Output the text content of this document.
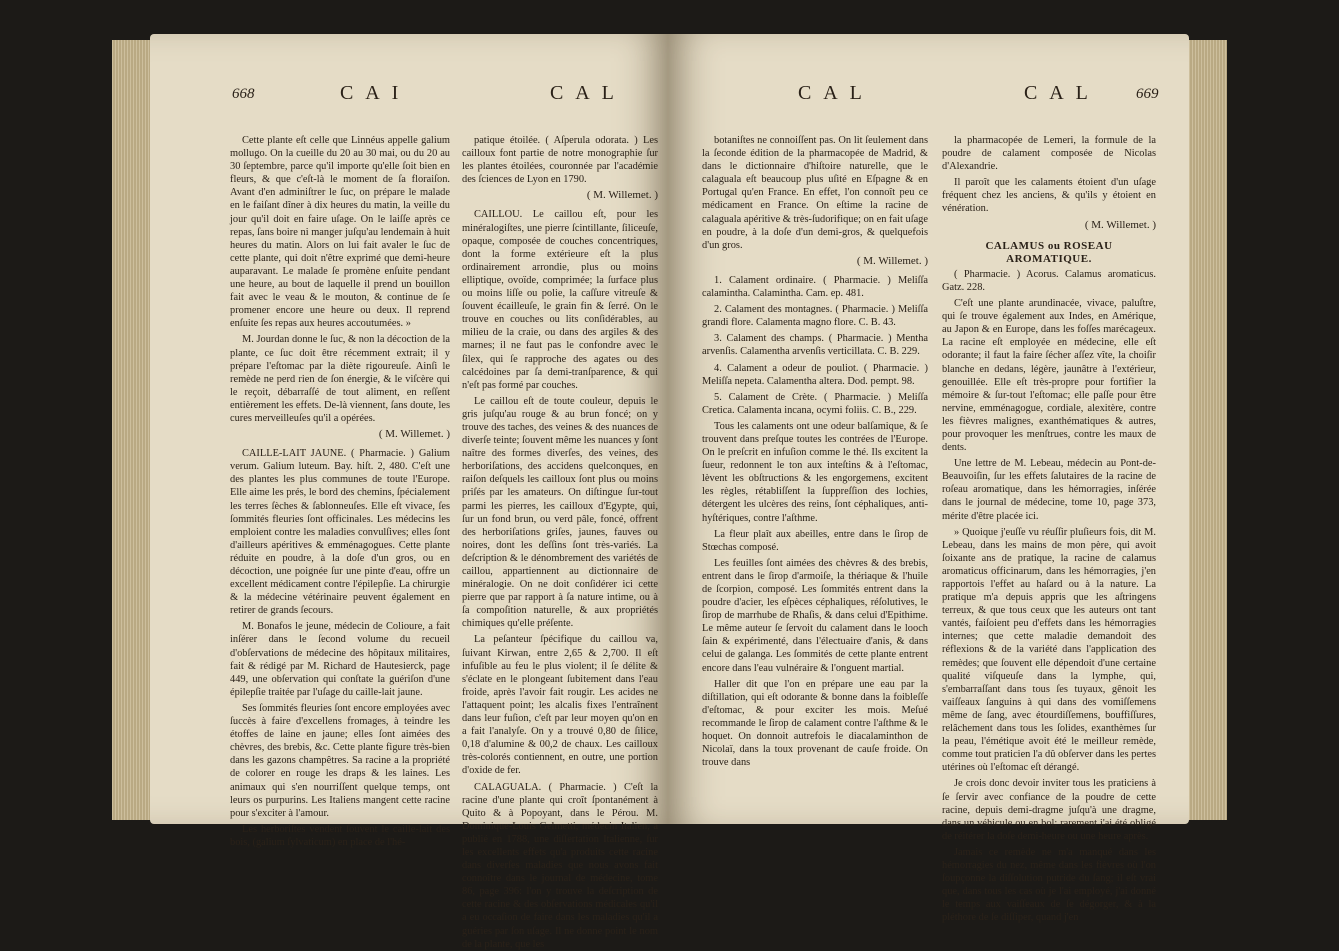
668	C A I	C A L

Cette plante eſt celle que Linnéus appelle galium mollugo. On la cueille du 20 au 30 mai, ou du 20 au 30 ſeptembre, parce qu'il importe qu'elle ſoit bien en fleurs, & que c'eſt-là le moment de ſa floraiſon. Avant d'en adminiſtrer le ſuc, on prépare le malade en le faiſant dîner à dix heures du matin, la veille du jour qu'il doit en faire uſage. On le laiſſe après ce repas, ſans boire ni manger juſqu'au lendemain à huit heures du matin. Alors on lui fait avaler le ſuc de cette plante, qui doit n'être exprimé que demi-heure auparavant. Le malade ſe promène enſuite pendant une heure, au bout de laquelle il prend un bouillon fait avec le veau & le mouton, & continue de ſe promener encore une heure ou deux. Il reprend enſuite ſes repas aux heures accoutumées. »

M. Jourdan donne le ſuc, & non la décoction de la plante, ce ſuc doit être récemment extrait; il y prépare l'eſtomac par la diète rigoureuſe. Ainſi le remède ne perd rien de ſon énergie, & le viſcère qui le reçoit, débarraſſé de tout aliment, en reſſent entièrement les effets. De-là viennent, ſans doute, les cures merveilleuſes qu'il a opérées.

( M. Willemet. )

CAILLE-LAIT JAUNE. ( Pharmacie. ) Galium verum. Galium luteum. Bay. hiſt. 2, 480. C'eſt une des plantes les plus communes de toute l'Europe. Elle aime les prés, le bord des chemins, ſpécialement les terres ſèches & ſablonneuſes. Elle eſt vivace, ſes ſommités fleuries ſont officinales. Les médecins les emploient contre les maladies convulſives; elles ſont d'ailleurs apéritives & emménagogues. Cette plante réduite en poudre, à la doſe d'un gros, ou en décoction, une poignée ſur une pinte d'eau, offre un excellent médicament contre l'épilepſie. La chirurgie & la médecine vétérinaire peuvent également en retirer de grands ſecours.

M. Bonafos le jeune, médecin de Colioure, a fait inſérer dans le ſecond volume du recueil d'obſervations de médecine des hôpitaux militaires, fait & rédigé par M. Richard de Hautesierck, page 449, une obſervation qui conſtate la guériſon d'une épilepſie traitée par l'uſage du caille-lait jaune.

Ses ſommités fleuries ſont encore employées avec ſuccès à faire d'excellens fromages, à teindre les étoffes de laine en jaune; elles ſont aimées des chèvres, des brebis, &c. Cette plante figure très-bien dans les gazons champêtres. Sa racine a la propriété de colorer en rouge les draps & les laines. Les animaux qui s'en nourriſſent quelque temps, ont leurs os purpurins. Les Italiens mangent cette racine pour s'exciter à l'amour.

Les herboriſtes vendent ſouvent le caille-lait des bois, (galium ſylvaticum) en place de l'hé-

patique étoilée. ( Aſperula odorata. ) Les cailloux font partie de notre monographie ſur les plantes étoilées, couronnée par l'académie des ſciences de Lyon en 1790.

( M. Willemet. )

CAILLOU. Le caillou eſt, pour les minéralogiſtes, une pierre ſcintillante, ſiliceuſe, opaque, composée de couches concentriques, dont la forme extérieure eſt la plus ordinairement arrondie, plus ou moins elliptique, ovoïde, comprimée; la ſurface plus ou moins liſſe ou polie, la caſſure vitreuſe & ſouvent écailleuſe, le grain fin & ſerré. On le trouve en couches ou lits conſidérables, au milieu de la craie, ou dans des argiles & des marnes; il ne faut pas le confondre avec le ſilex, qui ſe rapproche des agates ou des calcédoines par ſa demi-tranſparence, & qui n'eſt pas formé par couches.

Le caillou eſt de toute couleur, depuis le gris juſqu'au rouge & au brun foncé; on y trouve des taches, des veines & des nuances de diverſe teinte; ſouvent même les nuances y ſont naître des formes diverſes, des veines, des herboriſations, des accidens quelconques, en raiſon deſquels les cailloux ſont plus ou moins priſés par les amateurs. On diſtingue ſur-tout parmi les pierres, les cailloux d'Egypte, qui, ſur un fond brun, ou verd pâle, foncé, offrent des herboriſations griſes, jaunes, fauves ou noires, dont les deſſins ſont très-variés. La deſcription & le dénombrement des variétés de caillou, appartiennent au dictionnaire de minéralogie. On ne doit conſidérer ici cette pierre que par rapport à ſa nature intime, ou à ſa compoſition naturelle, & aux propriétés chimiques qu'elle préſente.

La peſanteur ſpécifique du caillou va, ſuivant Kirwan, entre 2,65 & 2,700. Il eſt infuſible au feu le plus violent; il ſe délite & s'éclate en le plongeant ſubitement dans l'eau froide, après l'avoir fait rougir. Les acides ne l'attaquent point; les alcalis fixes l'entraînent dans leur fuſion, c'eſt par leur moyen qu'on en a fait l'analyſe. On y a trouvé 0,80 de ſilice, 0,18 d'alumine & 00,2 de chaux. Les cailloux très-colorés contiennent, en outre, une portion d'oxide de fer.

CALAGUALA. ( Pharmacie. ) C'eſt la racine d'une plante qui croît ſpontanément à Quito & à Popoyant, dans le Pérou. M. Dominique-Louis Gelmetti, médecin Italien, a publié en 1788, une diſſertation Italienne, ſur les excellents effets qu'a produits cette racine dans diverſes maladies que nous avons fait connoître dans le journal de médecine, tome 86, page 396: l'on y trouve la deſcription de cette racine & des obſervations médicales qu'il a eu occaſion de faire dans les maladies qu'il a guéries par ſon uſage. Il ne donne point le nom de la plante, que les

C A L	C A L	669

botaniſtes ne connoiſſent pas. On lit ſeulement dans la ſeconde édition de la pharmacopée de Madrid, & dans le dictionnaire d'hiſtoire naturelle, que le calaguala eſt beaucoup plus uſité en Eſpagne & en Portugal qu'en France. En effet, l'on connoît peu ce médicament en France. On eſtime la racine de calaguala apéritive & très-ſudorifique; on en fait uſage en poudre, à la doſe d'un demi-gros, & quelquefois d'un gros.

( M. Willemet. )

1. Calament ordinaire. ( Pharmacie. ) Meliſſa calamintha. Calamintha. Cam. ep. 481.

2. Calament des montagnes. ( Pharmacie. ) Meliſſa grandi flore. Calamenta magno flore. C. B. 43.

3. Calament des champs. ( Pharmacie. ) Mentha arvenſis. Calamentha arvenſis verticillata. C. B. 229.

4. Calament a odeur de pouliot. ( Pharmacie. ) Meliſſa nepeta. Calamentha altera. Dod. pempt. 98.

5. Calament de Crète. ( Pharmacie. ) Meliſſa Cretica. Calamenta incana, ocymi foliis. C. B., 229.

Tous les calaments ont une odeur balſamique, & ſe trouvent dans preſque toutes les contrées de l'Europe. On le preſcrit en infuſion comme le thé. Ils excitent la ſueur, redonnent le ton aux inteſtins & à l'eſtomac, lèvent les obſtructions & les engorgemens, excitent les règles, rétabliſſent la ſuppreſſion des lochies, détergent les ulcères des reins, ſont céphaliques, anti-hyſtériques, contre l'aſthme.

La fleur plaît aux abeilles, entre dans le ſirop de Stœchas composé.

Les feuilles ſont aimées des chèvres & des brebis, entrent dans le ſirop d'armoiſe, la thériaque & l'huile de ſcorpion, composé. Les ſommités entrent dans la poudre d'acier, les eſpèces céphaliques, réſolutives, le ſirop de marrhube de Rhaſis, & dans celui d'Epithime. Le même auteur ſe ſervoit du calament dans le looch ſain & expérimenté, dans l'électuaire d'anis, & dans celui de galanga. Les ſommités de cette plante entrent encore dans l'eau vulnéraire & l'onguent martial.

Haller dit que l'on en prépare une eau par la diſtillation, qui eſt odorante & bonne dans la foibleſſe d'eſtomac, & pour exciter les mois. Meſué recommande le ſirop de calament contre l'aſthme & le hoquet. On donnoit autrefois le diacalaminthon de Nicolaï, dans la toux provenant de cauſe froide. On trouve dans

la pharmacopée de Lemeri, la formule de la poudre de calament composée de Nicolas d'Alexandrie.

Il paroît que les calaments étoient d'un uſage fréquent chez les anciens, & qu'ils y étoient en vénération.

( M. Willemet. )
CALAMUS ou ROSEAU AROMATIQUE.

( Pharmacie. ) Acorus. Calamus aromaticus. Gatz. 228.

C'eſt une plante arundinacée, vivace, paluſtre, qui ſe trouve également aux Indes, en Amérique, au Japon & en Europe, dans les foſſes marécageux. La racine eſt employée en médecine, elle eſt odorante; il faut la faire ſécher aſſez vîte, la choiſir blanche en dedans, légère, jaunâtre à l'extérieur, genouillée. Elle eſt très-propre pour fortifier la mémoire & ſur-tout l'eſtomac; elle paſſe pour être nervine, emménagogue, cordiale, alexitère, contre les fièvres malignes, exanthématiques & autres, pour provoquer les menſtrues, contre les maux de dents.

Une lettre de M. Lebeau, médecin au Pont-de-Beauvoiſin, ſur les effets ſalutaires de la racine de roſeau aromatique, dans les hémorragies, inſérée dans le journal de médecine, tome 10, page 373, mérite d'être placée ici.

» Quoique j'euſſe vu réuſſir pluſieurs fois, dit M. Lebeau, dans les mains de mon père, qui avoit ſoixante ans de pratique, la racine de calamus aromaticus officinarum, dans les hémorragies, j'en rapportois l'effet au haſard ou à la nature. La pratique m'a depuis appris que les aſtringens terreux, & que tous ceux que les auteurs ont tant vantés, faiſoient peu d'effets dans les hémorragies internes; que cette maladie demandoit des réflexions & de la variété dans l'application des remèdes; que ſouvent elle dépendoit d'une certaine qualité viſqueuſe dans la lymphe, qui, s'embarraſſant dans tous ſes tuyaux, gênoit les vaiſſeaux ſanguins à qui dans des vomiſſemens même de ſang, avec étourdiſſemens, bouffiſſures, relâchement dans tous les ſolides, exanthèmes ſur la peau, l'émétique avoit été le meilleur remède, comme tout praticien l'a dû obſerver dans les pertes utérines où l'eſtomac eſt dérangé.

Je crois donc devoir inviter tous les praticiens à ſe ſervir avec confiance de la poudre de cette racine, depuis demi-dragme juſqu'à une dragme, dans un véhicule ou en bol; rarement j'ai été obligé de réitérer la doſe demi-heure ou une heure après.

Jamais ce remède ne m'a manqué dans les hémorragies du nez, même dans les fièvres où l'on ſoupçonne la diſſolution putride du ſang; il eſt vrai que, dans tous les cas où je l'ai employé, j'ai donné le temps aux vaiſſeaux de ſe dégorger, & à la pléthore de ſe diſſiper, quand j'en
